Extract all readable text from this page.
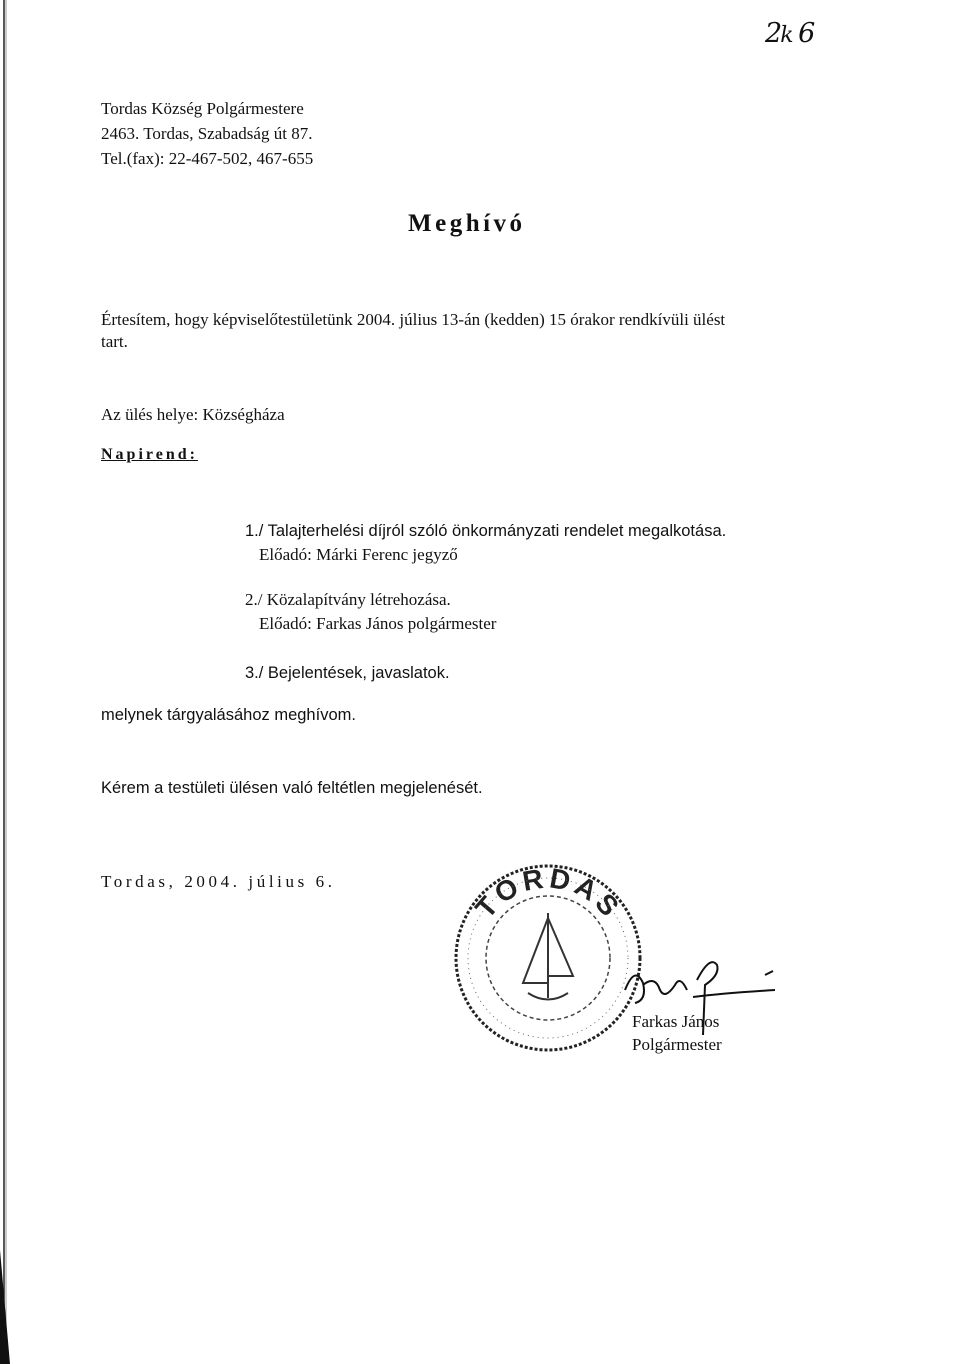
2k 6
Tordas Község Polgármestere
2463. Tordas, Szabadság út 87.
Tel.(fax): 22-467-502, 467-655
Meghívó
Értesítem, hogy képviselőtestületünk 2004. július 13-án (kedden) 15 órakor rendkívüli ülést
tart.
Az ülés helye: Községháza
Napirend:
1./ Talajterhelési díjról szóló önkormányzati rendelet megalkotása.
Előadó: Márki Ferenc jegyző
2./ Közalapítvány létrehozása.
Előadó: Farkas János polgármester
3./ Bejelentések, javaslatok.
melynek tárgyalásához meghívom.
Kérem a testületi ülésen való feltétlen megjelenését.
Tordas, 2004. július 6.
TORDAS
Farkas János
Polgármester
